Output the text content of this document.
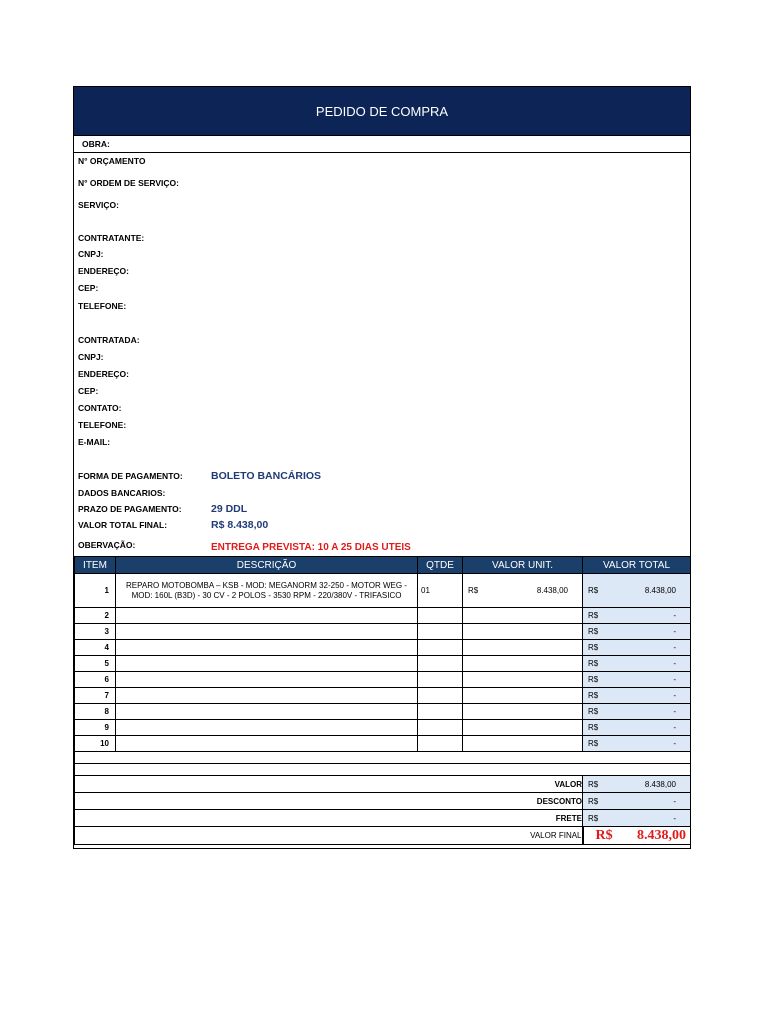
PEDIDO DE COMPRA
OBRA:
N° ORÇAMENTO
N° ORDEM DE SERVIÇO:
SERVIÇO:
CONTRATANTE:
CNPJ:
ENDEREÇO:
CEP:
TELEFONE:
CONTRATADA:
CNPJ:
ENDEREÇO:
CEP:
CONTATO:
TELEFONE:
E-MAIL:
FORMA DE PAGAMENTO:	BOLETO BANCÁRIOS
DADOS BANCARIOS:
PRAZO DE PAGAMENTO:	29 DDL
VALOR TOTAL FINAL:	R$ 8.438,00
OBERVAÇÃO:	ENTREGA PREVISTA: 10 A 25 DIAS UTEIS
ITEM	DESCRIÇÃO	QTDE	VALOR UNIT.	VALOR TOTAL
1	REPARO MOTOBOMBA – KSB - MOD: MEGANORM 32-250 - MOTOR WEG - MOD: 160L (B3D) - 30 CV - 2 POLOS - 3530 RPM - 220/380V - TRIFASICO	01	R$ 8.438,00	R$ 8.438,00

2				R$ -

3				R$ -

4				R$ -

5				R$ -

6				R$ -

7				R$ -

8				R$ -

9				R$ -

10				R$ -

VALOR				R$ 8.438,00

DESCONTO				R$ -

FRETE				R$ -

VALOR FINAL				R$ 8.438,00
